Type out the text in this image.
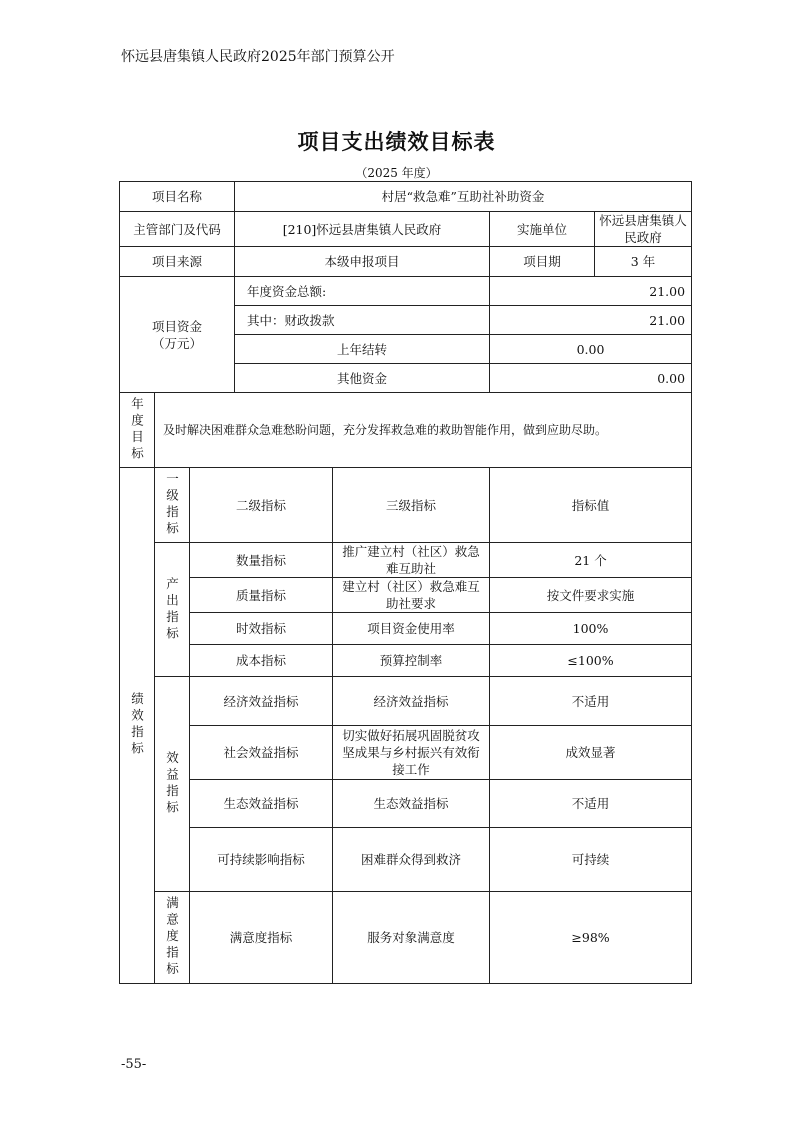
怀远县唐集镇人民政府2025年部门预算公开
项目支出绩效目标表
（2025 年度）
项目名称			村居“救急难”互助社补助资金			
主管部门及代码			[210]怀远县唐集镇人民政府		实施单位	怀远县唐集镇人民政府
项目来源			本级申报项目		项目期	3 年
项目资金
（万元）			年度资金总额:		21.00	
			其中：财政拨款		21.00	
			上年结转		0.00	
			其他资金		0.00	
年度目标	及时解决困难群众急难愁盼问题，充分发挥救急难的救助智能作用，做到应助尽助。					
绩效指标	一级指标	二级指标		三级指标	指标值	
	产出指标	数量指标		推广建立村（社区）救急难互助社	21 个	
		质量指标		建立村（社区）救急难互助社要求	按文件要求实施	
		时效指标		项目资金使用率	100%	
		成本指标		预算控制率	≤100%	
	效益指标	经济效益指标		经济效益指标	不适用	
		社会效益指标		切实做好拓展巩固脱贫攻坚成果与乡村振兴有效衔接工作	成效显著	
		生态效益指标		生态效益指标	不适用	
		可持续影响指标		困难群众得到救济	可持续	
	满意度指标	满意度指标		服务对象满意度	≥98%	
-55-
